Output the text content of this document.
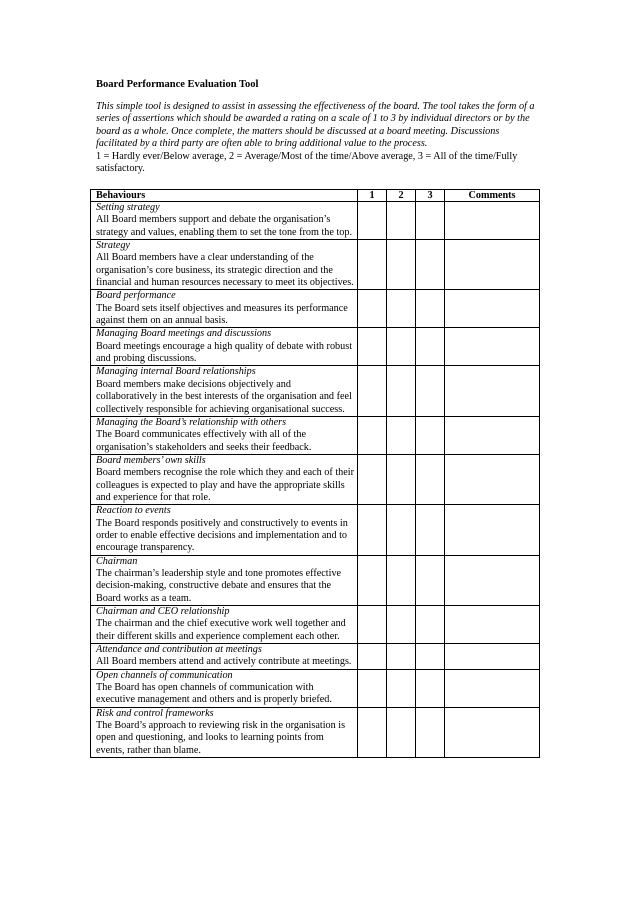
Board Performance Evaluation Tool

This simple tool is designed to assist in assessing the effectiveness of the board. The tool takes the form of a series of assertions which should be awarded a rating on a scale of 1 to 3 by individual directors or by the board as a whole. Once complete, the matters should be discussed at a board meeting. Discussions facilitated by a third party are often able to bring additional value to the process.
1 = Hardly ever/Below average, 2 = Average/Most of the time/Above average, 3 = All of the time/Fully satisfactory.

Behaviours	1	2	3	Comments

Setting strategy
All Board members support and debate the organisation’s strategy and values, enabling them to set the tone from the top.				

Strategy
All Board members have a clear understanding of the organisation’s core business, its strategic direction and the financial and human resources necessary to meet its objectives.				

Board performance
The Board sets itself objectives and measures its performance against them on an annual basis.				

Managing Board meetings and discussions
Board meetings encourage a high quality of debate with robust and probing discussions.				

Managing internal Board relationships
Board members make decisions objectively and collaboratively in the best interests of the organisation and feel collectively responsible for achieving organisational success.				

Managing the Board’s relationship with others
The Board communicates effectively with all of the organisation’s stakeholders and seeks their feedback.				

Board members’ own skills
Board members recognise the role which they and each of their colleagues is expected to play and have the appropriate skills and experience for that role.				

Reaction to events
The Board responds positively and constructively to events in order to enable effective decisions and implementation and to encourage transparency.				

Chairman
The chairman’s leadership style and tone promotes effective decision-making, constructive debate and ensures that the Board works as a team.				

Chairman and CEO relationship
The chairman and the chief executive work well together and their different skills and experience complement each other.				

Attendance and contribution at meetings
All Board members attend and actively contribute at meetings.				

Open channels of communication
The Board has open channels of communication with executive management and others and is properly briefed.				

Risk and control frameworks
The Board’s approach to reviewing risk in the organisation is open and questioning, and looks to learning points from events, rather than blame.				
